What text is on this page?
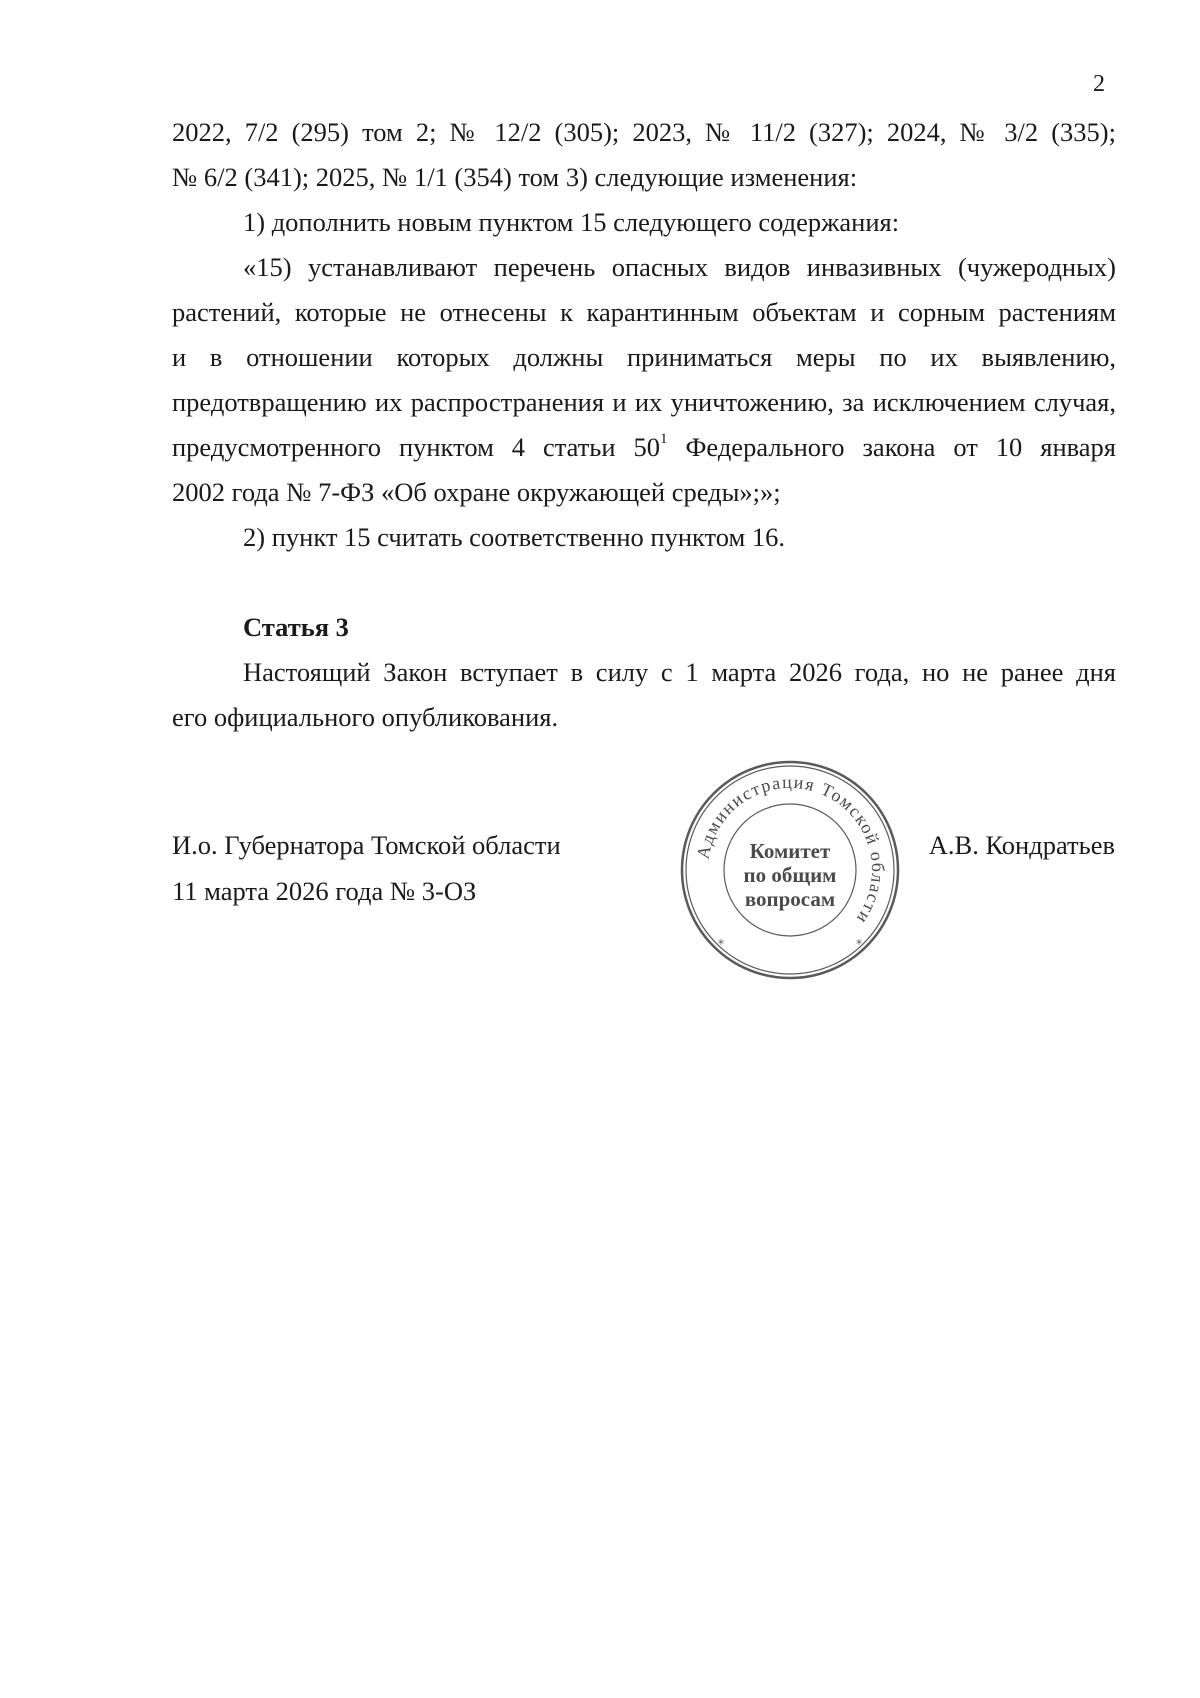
2
2022, 7/2 (295) том 2; № 12/2 (305); 2023, № 11/2 (327); 2024, № 3/2 (335);
№ 6/2 (341); 2025, № 1/1 (354) том 3) следующие изменения:
1) дополнить новым пунктом 15 следующего содержания:
«15) устанавливают перечень опасных видов инвазивных (чужеродных)
растений, которые не отнесены к карантинным объектам и сорным растениям
и в отношении которых должны приниматься меры по их выявлению,
предотвращению их распространения и их уничтожению, за исключением случая,
предусмотренного пунктом 4 статьи $50^1$ Федерального закона от 10 января
2002 года № 7-ФЗ «Об охране окружающей среды»;»;
2) пункт 15 считать соответственно пунктом 16.
Статья 3
Настоящий Закон вступает в силу с 1 марта 2026 года, но не ранее дня
его официального опубликования.
И.о. Губернатора Томской области
11 марта 2026 года № 3-ОЗ
А.В. Кондратьев
Администрация Томской области
*	*
Комитет
по общим
вопросам
